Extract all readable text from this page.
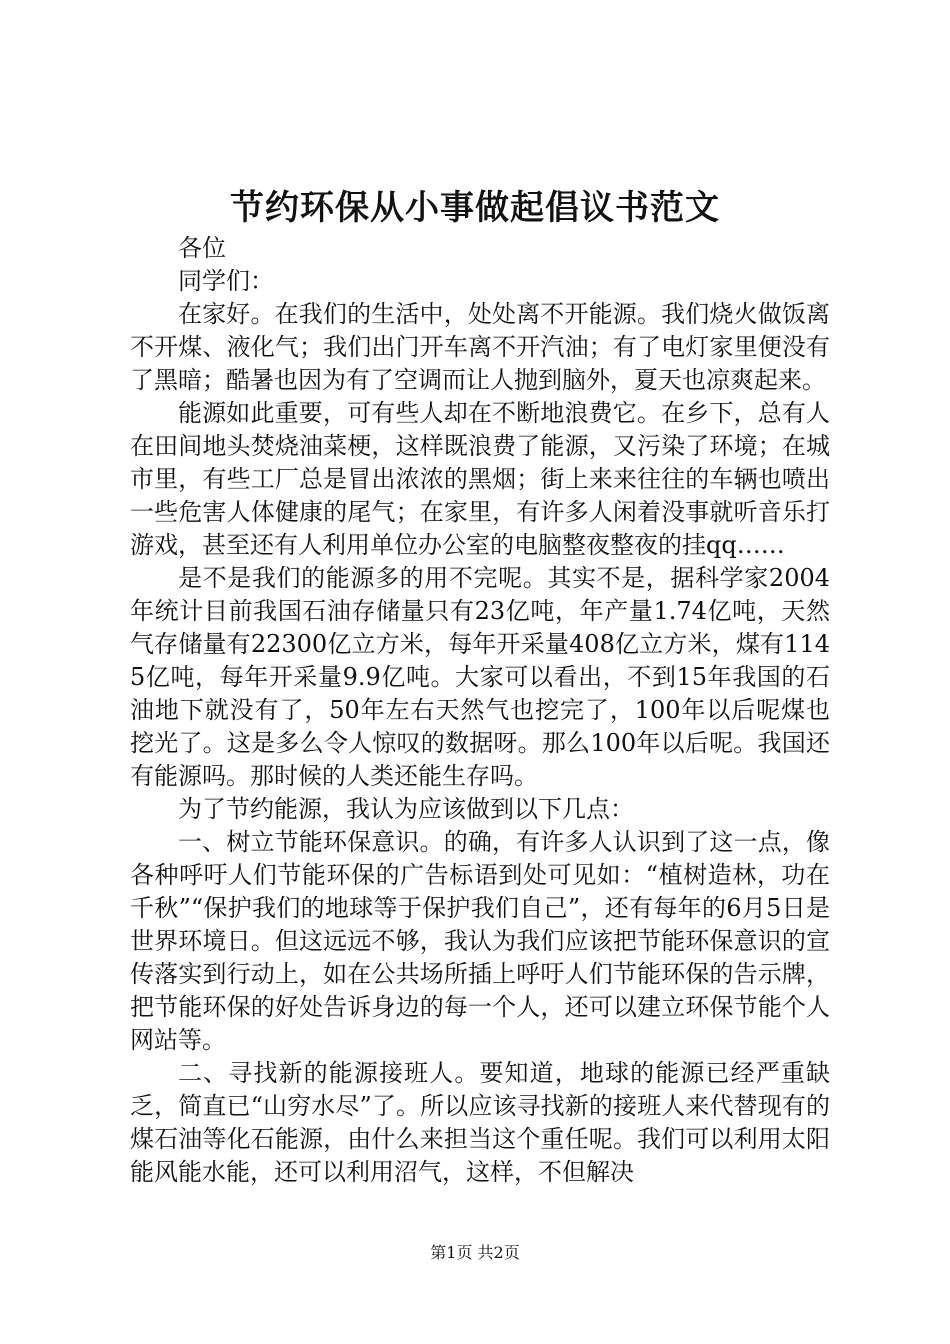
节约环保从小事做起倡议书范文

各位

同学们：

在家好。在我们的生活中，处处离不开能源。我们烧火做饭离不开煤、液化气；我们出门开车离不开汽油；有了电灯家里便没有了黑暗；酷暑也因为有了空调而让人抛到脑外，夏天也凉爽起来。

能源如此重要，可有些人却在不断地浪费它。在乡下，总有人在田间地头焚烧油菜梗，这样既浪费了能源，又污染了环境；在城市里，有些工厂总是冒出浓浓的黑烟；街上来来往往的车辆也喷出一些危害人体健康的尾气；在家里，有许多人闲着没事就听音乐打游戏，甚至还有人利用单位办公室的电脑整夜整夜的挂qq……

是不是我们的能源多的用不完呢。其实不是，据科学家2004年统计目前我国石油存储量只有23亿吨，年产量1.74亿吨，天然气存储量有22300亿立方米，每年开采量408亿立方米，煤有1145亿吨，每年开采量9.9亿吨。大家可以看出，不到15年我国的石油地下就没有了，50年左右天然气也挖完了，100年以后呢煤也挖光了。这是多么令人惊叹的数据呀。那么100年以后呢。我国还有能源吗。那时候的人类还能生存吗。

为了节约能源，我认为应该做到以下几点：

一、树立节能环保意识。的确，有许多人认识到了这一点，像各种呼吁人们节能环保的广告标语到处可见如：“植树造林，功在千秋”“保护我们的地球等于保护我们自己”，还有每年的6月5日是世界环境日。但这远远不够，我认为我们应该把节能环保意识的宣传落实到行动上，如在公共场所插上呼吁人们节能环保的告示牌，把节能环保的好处告诉身边的每一个人，还可以建立环保节能个人网站等。

二、寻找新的能源接班人。要知道，地球的能源已经严重缺乏，简直已“山穷水尽”了。所以应该寻找新的接班人来代替现有的煤石油等化石能源，由什么来担当这个重任呢。我们可以利用太阳能风能水能，还可以利用沼气，这样，不但解决

第1页 共2页
